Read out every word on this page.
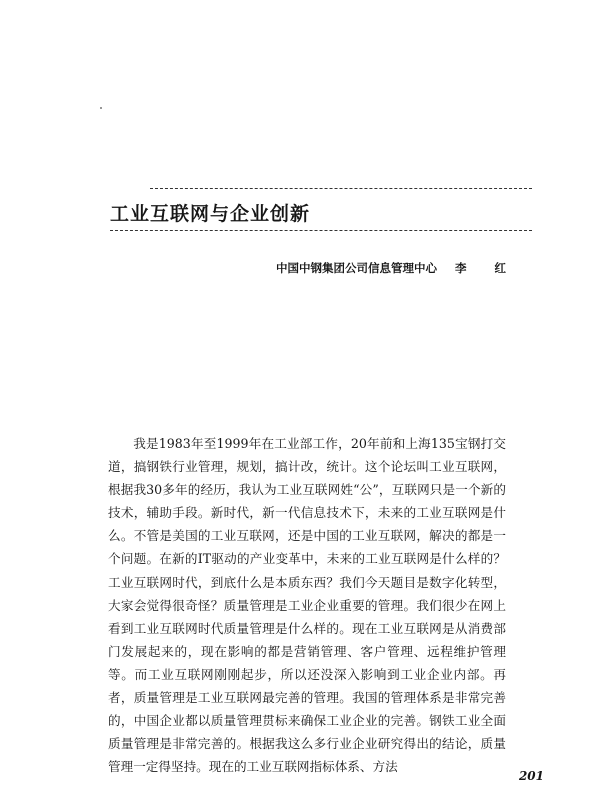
工业互联网与企业创新
中国中钢集团公司信息管理中心 李 红

我是1983年至1999年在工业部工作，20年前和上海135宝钢打交道，搞钢铁行业管理，规划，搞计改，统计。这个论坛叫工业互联网，根据我30多年的经历，我认为工业互联网姓“公”，互联网只是一个新的技术，辅助手段。新时代，新一代信息技术下，未来的工业互联网是什么。不管是美国的工业互联网，还是中国的工业互联网，解决的都是一个问题。在新的IT驱动的产业变革中，未来的工业互联网是什么样的？工业互联网时代，到底什么是本质东西？我们今天题目是数字化转型，大家会觉得很奇怪？质量管理是工业企业重要的管理。我们很少在网上看到工业互联网时代质量管理是什么样的。现在工业互联网是从消费部门发展起来的，现在影响的都是营销管理、客户管理、远程维护管理等。而工业互联网刚刚起步，所以还没深入影响到工业企业内部。再者，质量管理是工业互联网最完善的管理。我国的管理体系是非常完善的，中国企业都以质量管理贯标来确保工业企业的完善。钢铁工业全面质量管理是非常完善的。根据我这么多行业企业研究得出的结论，质量管理一定得坚持。现在的工业互联网指标体系、方法

201
